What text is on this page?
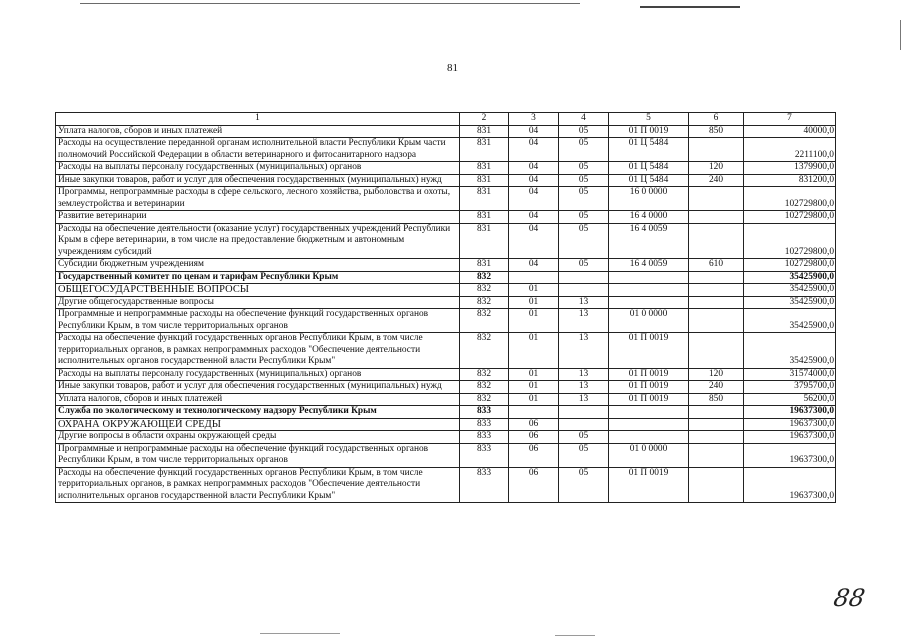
81
1	2	3	4	5	6	7
Уплата налогов, сборов и иных платежей	831	04	05	01 П 0019	850	40000,0
Расходы на осуществление переданной органам исполнительной власти Республики Крым части полномочий Российской Федерации в области ветеринарного и фитосанитарного надзора	831	04	05	01 Ц 5484		2211100,0
Расходы на выплаты персоналу государственных (муниципальных) органов	831	04	05	01 Ц 5484	120	1379900,0
Иные закупки товаров, работ и услуг для обеспечения государственных (муниципальных) нужд	831	04	05	01 Ц 5484	240	831200,0
Программы, непрограммные расходы в сфере сельского, лесного хозяйства, рыболовства и охоты, землеустройства и ветеринарии	831	04	05	16 0 0000		102729800,0
Развитие ветеринарии	831	04	05	16 4 0000		102729800,0
Расходы на обеспечение деятельности (оказание услуг) государственных учреждений Республики Крым в сфере ветеринарии, в том числе на предоставление бюджетным и автономным учреждениям субсидий	831	04	05	16 4 0059		102729800,0
Субсидии бюджетным учреждениям	831	04	05	16 4 0059	610	102729800,0
Государственный комитет по ценам и тарифам Республики Крым	832					35425900,0
ОБЩЕГОСУДАРСТВЕННЫЕ ВОПРОСЫ	832	01				35425900,0
Другие общегосударственные вопросы	832	01	13			35425900,0
Программные и непрограммные расходы на обеспечение функций государственных органов Республики Крым, в том числе территориальных органов	832	01	13	01 0 0000		35425900,0
Расходы на обеспечение функций государственных органов Республики Крым, в том числе территориальных органов, в рамках непрограммных расходов "Обеспечение деятельности исполнительных органов государственной власти Республики Крым"	832	01	13	01 П 0019		35425900,0
Расходы на выплаты персоналу государственных (муниципальных) органов	832	01	13	01 П 0019	120	31574000,0
Иные закупки товаров, работ и услуг для обеспечения государственных (муниципальных) нужд	832	01	13	01 П 0019	240	3795700,0
Уплата налогов, сборов и иных платежей	832	01	13	01 П 0019	850	56200,0
Служба по экологическому и технологическому надзору Республики Крым	833					19637300,0
ОХРАНА ОКРУЖАЮЩЕЙ СРЕДЫ	833	06				19637300,0
Другие вопросы в области охраны окружающей среды	833	06	05			19637300,0
Программные и непрограммные расходы на обеспечение функций государственных органов Республики Крым, в том числе территориальных органов	833	06	05	01 0 0000		19637300,0
Расходы на обеспечение функций государственных органов Республики Крым, в том числе территориальных органов, в рамках непрограммных расходов "Обеспечение деятельности исполнительных органов государственной власти Республики Крым"	833	06	05	01 П 0019		19637300,0
88
